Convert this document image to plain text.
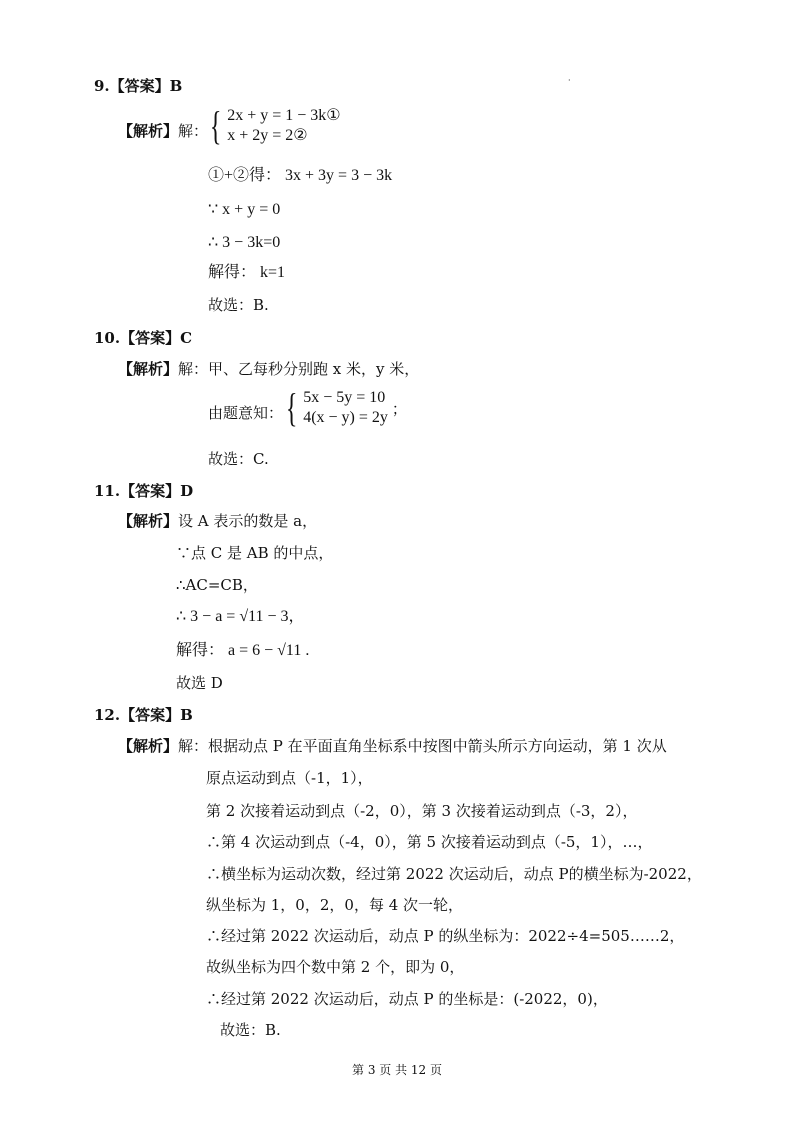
·
9.【答案】B
【解析】解： { 2x + y = 1 − 3k①
x + 2y = 2②
①+②得： 3x + 3y = 3 − 3k
∵ x + y = 0
∴ 3 − 3k=0
解得： k=1
故选：B.
10.【答案】C
【解析】解：甲、乙每秒分别跑 x 米，y 米，
由题意知： { 5x − 5y = 10
4(x − y) = 2y ；
故选：C.
11.【答案】D
【解析】设 A 表示的数是 a，
∵点 C 是 AB 的中点，
∴AC=CB，
∴ 3 − a = √11 − 3，
解得： a = 6 − √11 .
故选 D
12.【答案】B
【解析】解：根据动点 P 在平面直角坐标系中按图中箭头所示方向运动，第 1 次从
原点运动到点（-1，1），
第 2 次接着运动到点（-2，0），第 3 次接着运动到点（-3，2），
∴第 4 次运动到点（-4，0），第 5 次接着运动到点（-5，1），…，
∴横坐标为运动次数，经过第 2022 次运动后，动点 P的横坐标为-2022，
纵坐标为 1，0，2，0，每 4 次一轮，
∴经过第 2022 次运动后，动点 P 的纵坐标为：2022÷4=505……2，
故纵坐标为四个数中第 2 个，即为 0，
∴经过第 2022 次运动后，动点 P 的坐标是：(-2022，0)，
故选：B.
第 3 页 共 12 页
